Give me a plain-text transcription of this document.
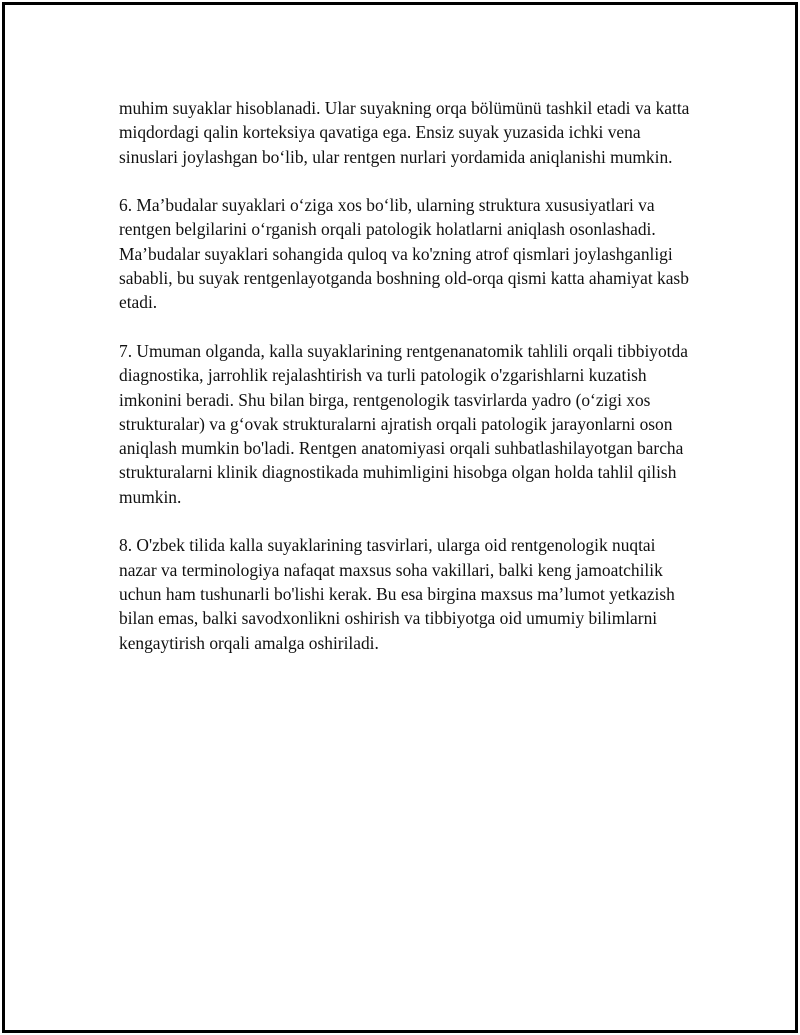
muhim suyaklar hisoblanadi. Ular suyakning orqa bölümünü tashkil etadi va katta miqdordagi qalin korteksiya qavatiga ega. Ensiz suyak yuzasida ichki vena sinuslari joylashgan bo‘lib, ular rentgen nurlari yordamida aniqlanishi mumkin.

6. Ma’budalar suyaklari o‘ziga xos bo‘lib, ularning struktura xususiyatlari va rentgen belgilarini o‘rganish orqali patologik holatlarni aniqlash osonlashadi. Ma’budalar suyaklari sohangida quloq va ko'zning atrof qismlari joylashganligi sababli, bu suyak rentgenlayotganda boshning old-orqa qismi katta ahamiyat kasb etadi.

7. Umuman olganda, kalla suyaklarining rentgenanatomik tahlili orqali tibbiyotda diagnostika, jarrohlik rejalashtirish va turli patologik o'zgarishlarni kuzatish imkonini beradi. Shu bilan birga, rentgenologik tasvirlarda yadro (o‘zigi xos strukturalar) va g‘ovak strukturalarni ajratish orqali patologik jarayonlarni oson aniqlash mumkin bo'ladi. Rentgen anatomiyasi orqali suhbatlashilayotgan barcha strukturalarni klinik diagnostikada muhimligini hisobga olgan holda tahlil qilish mumkin.

8. O'zbek tilida kalla suyaklarining tasvirlari, ularga oid rentgenologik nuqtai nazar va terminologiya nafaqat maxsus soha vakillari, balki keng jamoatchilik uchun ham tushunarli bo'lishi kerak. Bu esa birgina maxsus ma’lumot yetkazish bilan emas, balki savodxonlikni oshirish va tibbiyotga oid umumiy bilimlarni kengaytirish orqali amalga oshiriladi.
